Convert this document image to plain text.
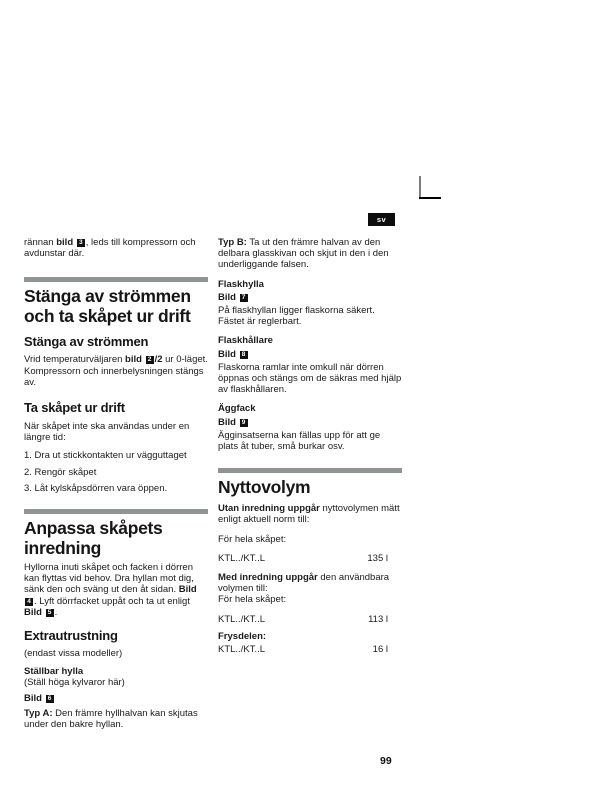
sv

rännan bild 3 , leds till kompressorn och avdunstar där.

Stänga av strömmen och ta skåpet ur drift
Stänga av strömmen

Vrid temperaturväljaren bild 2 /2 ur 0-läget. Kompressorn och innerbelysningen stängs av.

Ta skåpet ur drift

När skåpet inte ska användas under en längre tid:

1. Dra ut stickkontakten ur vägguttaget

2. Rengör skåpet

3. Låt kylskåpsdörren vara öppen.

Anpassa skåpets inredning

Hyllorna inuti skåpet och facken i dörren kan flyttas vid behov. Dra hyllan mot dig, sänk den och sväng ut den åt sidan. Bild 4 . Lyft dörrfacket uppåt och ta ut enligt Bild 5 .

Extrautrustning

(endast vissa modeller)

Ställbar hylla

(Ställ höga kylvaror här)

Bild 6

Typ A: Den främre hyllhalvan kan skjutas under den bakre hyllan.

Typ B: Ta ut den främre halvan av den delbara glasskivan och skjut in den i den underliggande falsen.

Flaskhylla

Bild 7

På flaskhyllan ligger flaskorna säkert. Fästet är reglerbart.

Flaskhållare

Bild 8

Flaskorna ramlar inte omkull när dörren öppnas och stängs om de säkras med hjälp av flaskhållaren.

Äggfack

Bild 9

Ägginsatserna kan fällas upp för att ge plats åt tuber, små burkar osv.

Nyttovolym

Utan inredning uppgår nyttovolymen mätt enligt aktuell norm till:

För hela skåpet:

KTL../KT..L	135 l

Med inredning uppgår den användbara volymen till:

För hela skåpet:

KTL../KT..L	113 l

Frysdelen:

KTL../KT..L	16 l
99
